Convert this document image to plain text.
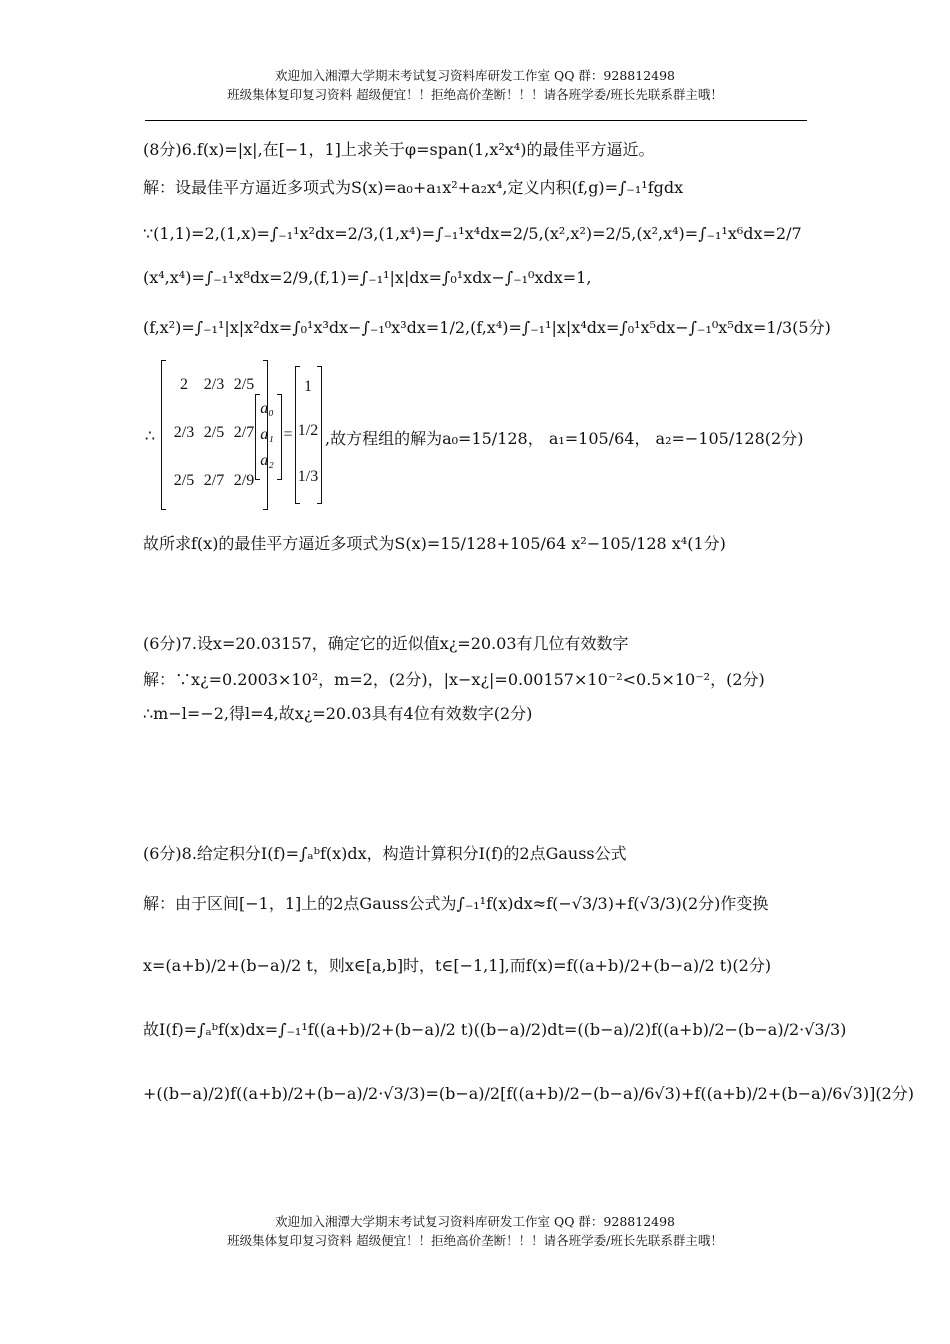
欢迎加入湘潭大学期末考试复习资料库研发工作室 QQ 群：928812498
班级集体复印复习资料 超级便宜！！拒绝高价垄断！！！请各班学委/班长先联系群主哦！
(8分)6.f(x)=|x|,在[−1，1]上求关于φ=span(1,x²x⁴)的最佳平方逼近。
解：设最佳平方逼近多项式为S(x)=a₀+a₁x²+a₂x⁴,定义内积(f,g)=∫₋₁¹fgdx
∵(1,1)=2,(1,x)=∫₋₁¹x²dx=2/3,(1,x⁴)=∫₋₁¹x⁴dx=2/5,(x²,x²)=2/5,(x²,x⁴)=∫₋₁¹x⁶dx=2/7
(x⁴,x⁴)=∫₋₁¹x⁸dx=2/9,(f,1)=∫₋₁¹|x|dx=∫₀¹xdx−∫₋₁⁰xdx=1,
(f,x²)=∫₋₁¹|x|x²dx=∫₀¹x³dx−∫₋₁⁰x³dx=1/2,(f,x⁴)=∫₋₁¹|x|x⁴dx=∫₀¹x⁵dx−∫₋₁⁰x⁵dx=1/3(5分)
∴
2 2/3 2/5
2/3 2/5 2/7
2/5 2/7 2/9
a₀
a₁
a₂
=
1
1/2
1/3
,故方程组的解为a₀=15/128， a₁=105/64， a₂=−105/128(2分)
故所求f(x)的最佳平方逼近多项式为S(x)=15/128+105/64 x²−105/128 x⁴(1分)
(6分)7.设x=20.03157，确定它的近似值x¿=20.03有几位有效数字
解：∵x¿=0.2003×10²，m=2，(2分)，|x−x¿|=0.00157×10⁻²<0.5×10⁻²，(2分)
∴m−l=−2,得l=4,故x¿=20.03具有4位有效数字(2分)
(6分)8.给定积分I(f)=∫ₐᵇf(x)dx，构造计算积分I(f)的2点Gauss公式
解：由于区间[−1，1]上的2点Gauss公式为∫₋₁¹f(x)dx≈f(−√3/3)+f(√3/3)(2分)作变换
x=(a+b)/2+(b−a)/2 t，则x∈[a,b]时，t∈[−1,1],而f(x)=f((a+b)/2+(b−a)/2 t)(2分)
故I(f)=∫ₐᵇf(x)dx=∫₋₁¹f((a+b)/2+(b−a)/2 t)((b−a)/2)dt=((b−a)/2)f((a+b)/2−(b−a)/2·√3/3)
+((b−a)/2)f((a+b)/2+(b−a)/2·√3/3)=(b−a)/2[f((a+b)/2−(b−a)/6√3)+f((a+b)/2+(b−a)/6√3)](2分)
欢迎加入湘潭大学期末考试复习资料库研发工作室 QQ 群：928812498
班级集体复印复习资料 超级便宜！！拒绝高价垄断！！！请各班学委/班长先联系群主哦！
